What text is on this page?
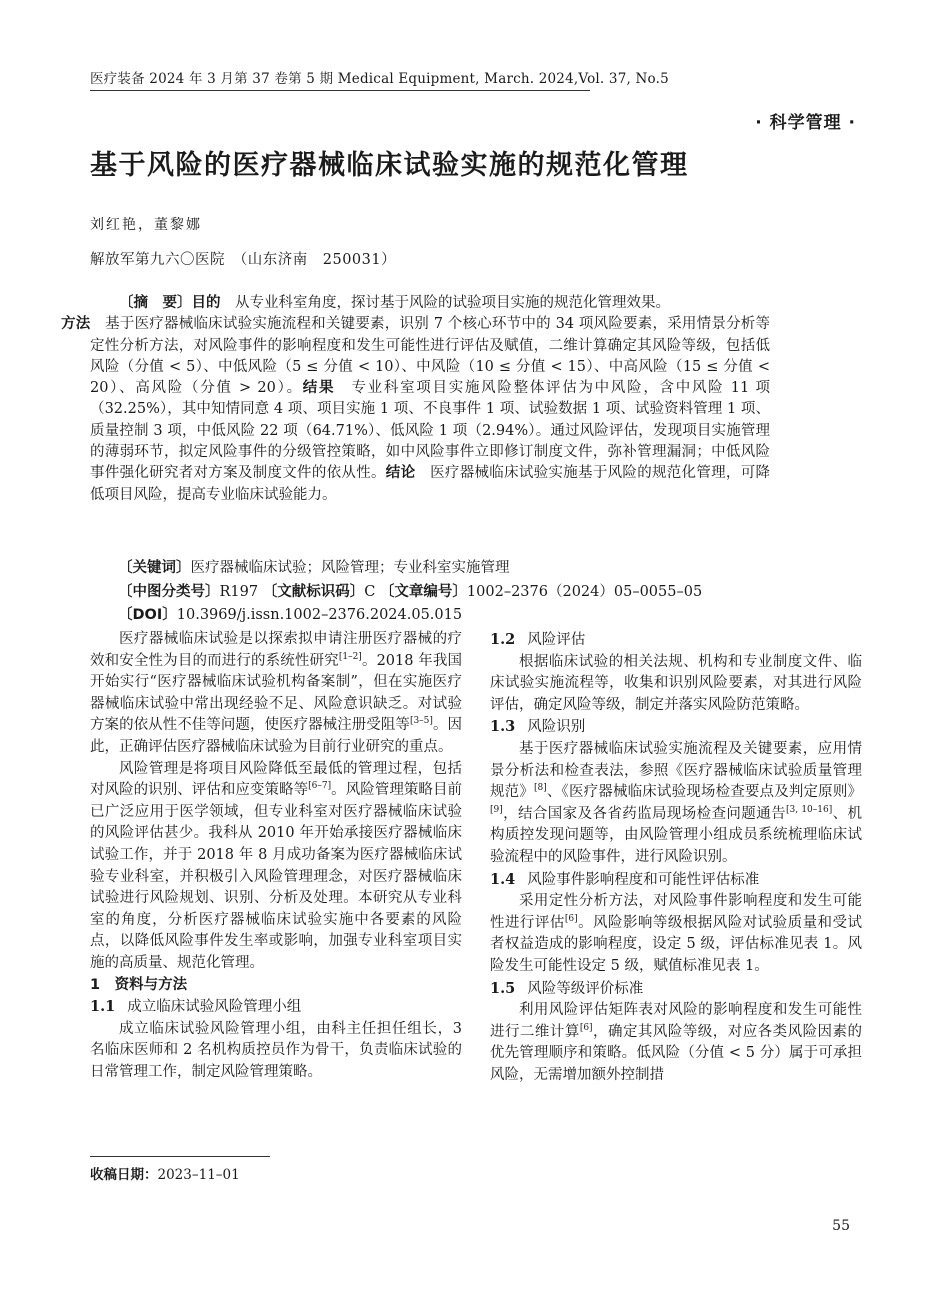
医疗装备 2024 年 3 月第 37 卷第 5 期 Medical Equipment, March. 2024,Vol. 37, No.5
· 科学管理 ·
基于风险的医疗器械临床试验实施的规范化管理
刘红艳，董黎娜
解放军第九六〇医院　（山东济南　250031）
〔摘　要〕目的　从专业科室角度，探讨基于风险的试验项目实施的规范化管理效果。
方法　基于医疗器械临床试验实施流程和关键要素，识别 7 个核心环节中的 34 项风险要素，采用情景分析等定性分析方法，对风险事件的影响程度和发生可能性进行评估及赋值，二维计算确定其风险等级，包括低风险（分值 < 5）、中低风险（5 ≤ 分值 < 10）、中风险（10 ≤ 分值 < 15）、中高风险（15 ≤ 分值 < 20）、高风险（分值 > 20）。结果　专业科室项目实施风险整体评估为中风险，含中风险 11 项（32.25%），其中知情同意 4 项、项目实施 1 项、不良事件 1 项、试验数据 1 项、试验资料管理 1 项、质量控制 3 项，中低风险 22 项（64.71%）、低风险 1 项（2.94%）。通过风险评估，发现项目实施管理的薄弱环节，拟定风险事件的分级管控策略，如中风险事件立即修订制度文件，弥补管理漏洞；中低风险事件强化研究者对方案及制度文件的依从性。结论　医疗器械临床试验实施基于风险的规范化管理，可降低项目风险，提高专业临床试验能力。
〔关键词〕医疗器械临床试验；风险管理；专业科室实施管理
〔中图分类号〕R197 〔文献标识码〕C 〔文章编号〕1002–2376（2024）05–0055–05
〔DOI〕10.3969/j.issn.1002–2376.2024.05.015

医疗器械临床试验是以探索拟申请注册医疗器械的疗效和安全性为目的而进行的系统性研究[1–2]。2018 年我国开始实行“医疗器械临床试验机构备案制”，但在实施医疗器械临床试验中常出现经验不足、风险意识缺乏。对试验方案的依从性不佳等问题，使医疗器械注册受阻等[3–5]。因此，正确评估医疗器械临床试验为目前行业研究的重点。

风险管理是将项目风险降低至最低的管理过程，包括对风险的识别、评估和应变策略等[6–7]。风险管理策略目前已广泛应用于医学领域，但专业科室对医疗器械临床试验的风险评估甚少。我科从 2010 年开始承接医疗器械临床试验工作，并于 2018 年 8 月成功备案为医疗器械临床试验专业科室，并积极引入风险管理理念，对医疗器械临床试验进行风险规划、识别、分析及处理。本研究从专业科室的角度，分析医疗器械临床试验实施中各要素的风险点，以降低风险事件发生率或影响，加强专业科室项目实施的高质量、规范化管理。

1　资料与方法
1.1 成立临床试验风险管理小组

成立临床试验风险管理小组，由科主任担任组长，3 名临床医师和 2 名机构质控员作为骨干，负责临床试验的日常管理工作，制定风险管理策略。

1.2 风险评估

根据临床试验的相关法规、机构和专业制度文件、临床试验实施流程等，收集和识别风险要素，对其进行风险评估，确定风险等级，制定并落实风险防范策略。

1.3 风险识别

基于医疗器械临床试验实施流程及关键要素，应用情景分析法和检查表法，参照《医疗器械临床试验质量管理规范》[8]、《医疗器械临床试验现场检查要点及判定原则》[9]，结合国家及各省药监局现场检查问题通告[3, 10–16]、机构质控发现问题等，由风险管理小组成员系统梳理临床试验流程中的风险事件，进行风险识别。

1.4 风险事件影响程度和可能性评估标准

采用定性分析方法，对风险事件影响程度和发生可能性进行评估[6]。风险影响等级根据风险对试验质量和受试者权益造成的影响程度，设定 5 级，评估标准见表 1。风险发生可能性设定 5 级，赋值标准见表 1。

1.5 风险等级评价标准

利用风险评估矩阵表对风险的影响程度和发生可能性进行二维计算[6]，确定其风险等级，对应各类风险因素的优先管理顺序和策略。低风险（分值 < 5 分）属于可承担风险，无需增加额外控制措

收稿日期：2023–11–01
55
